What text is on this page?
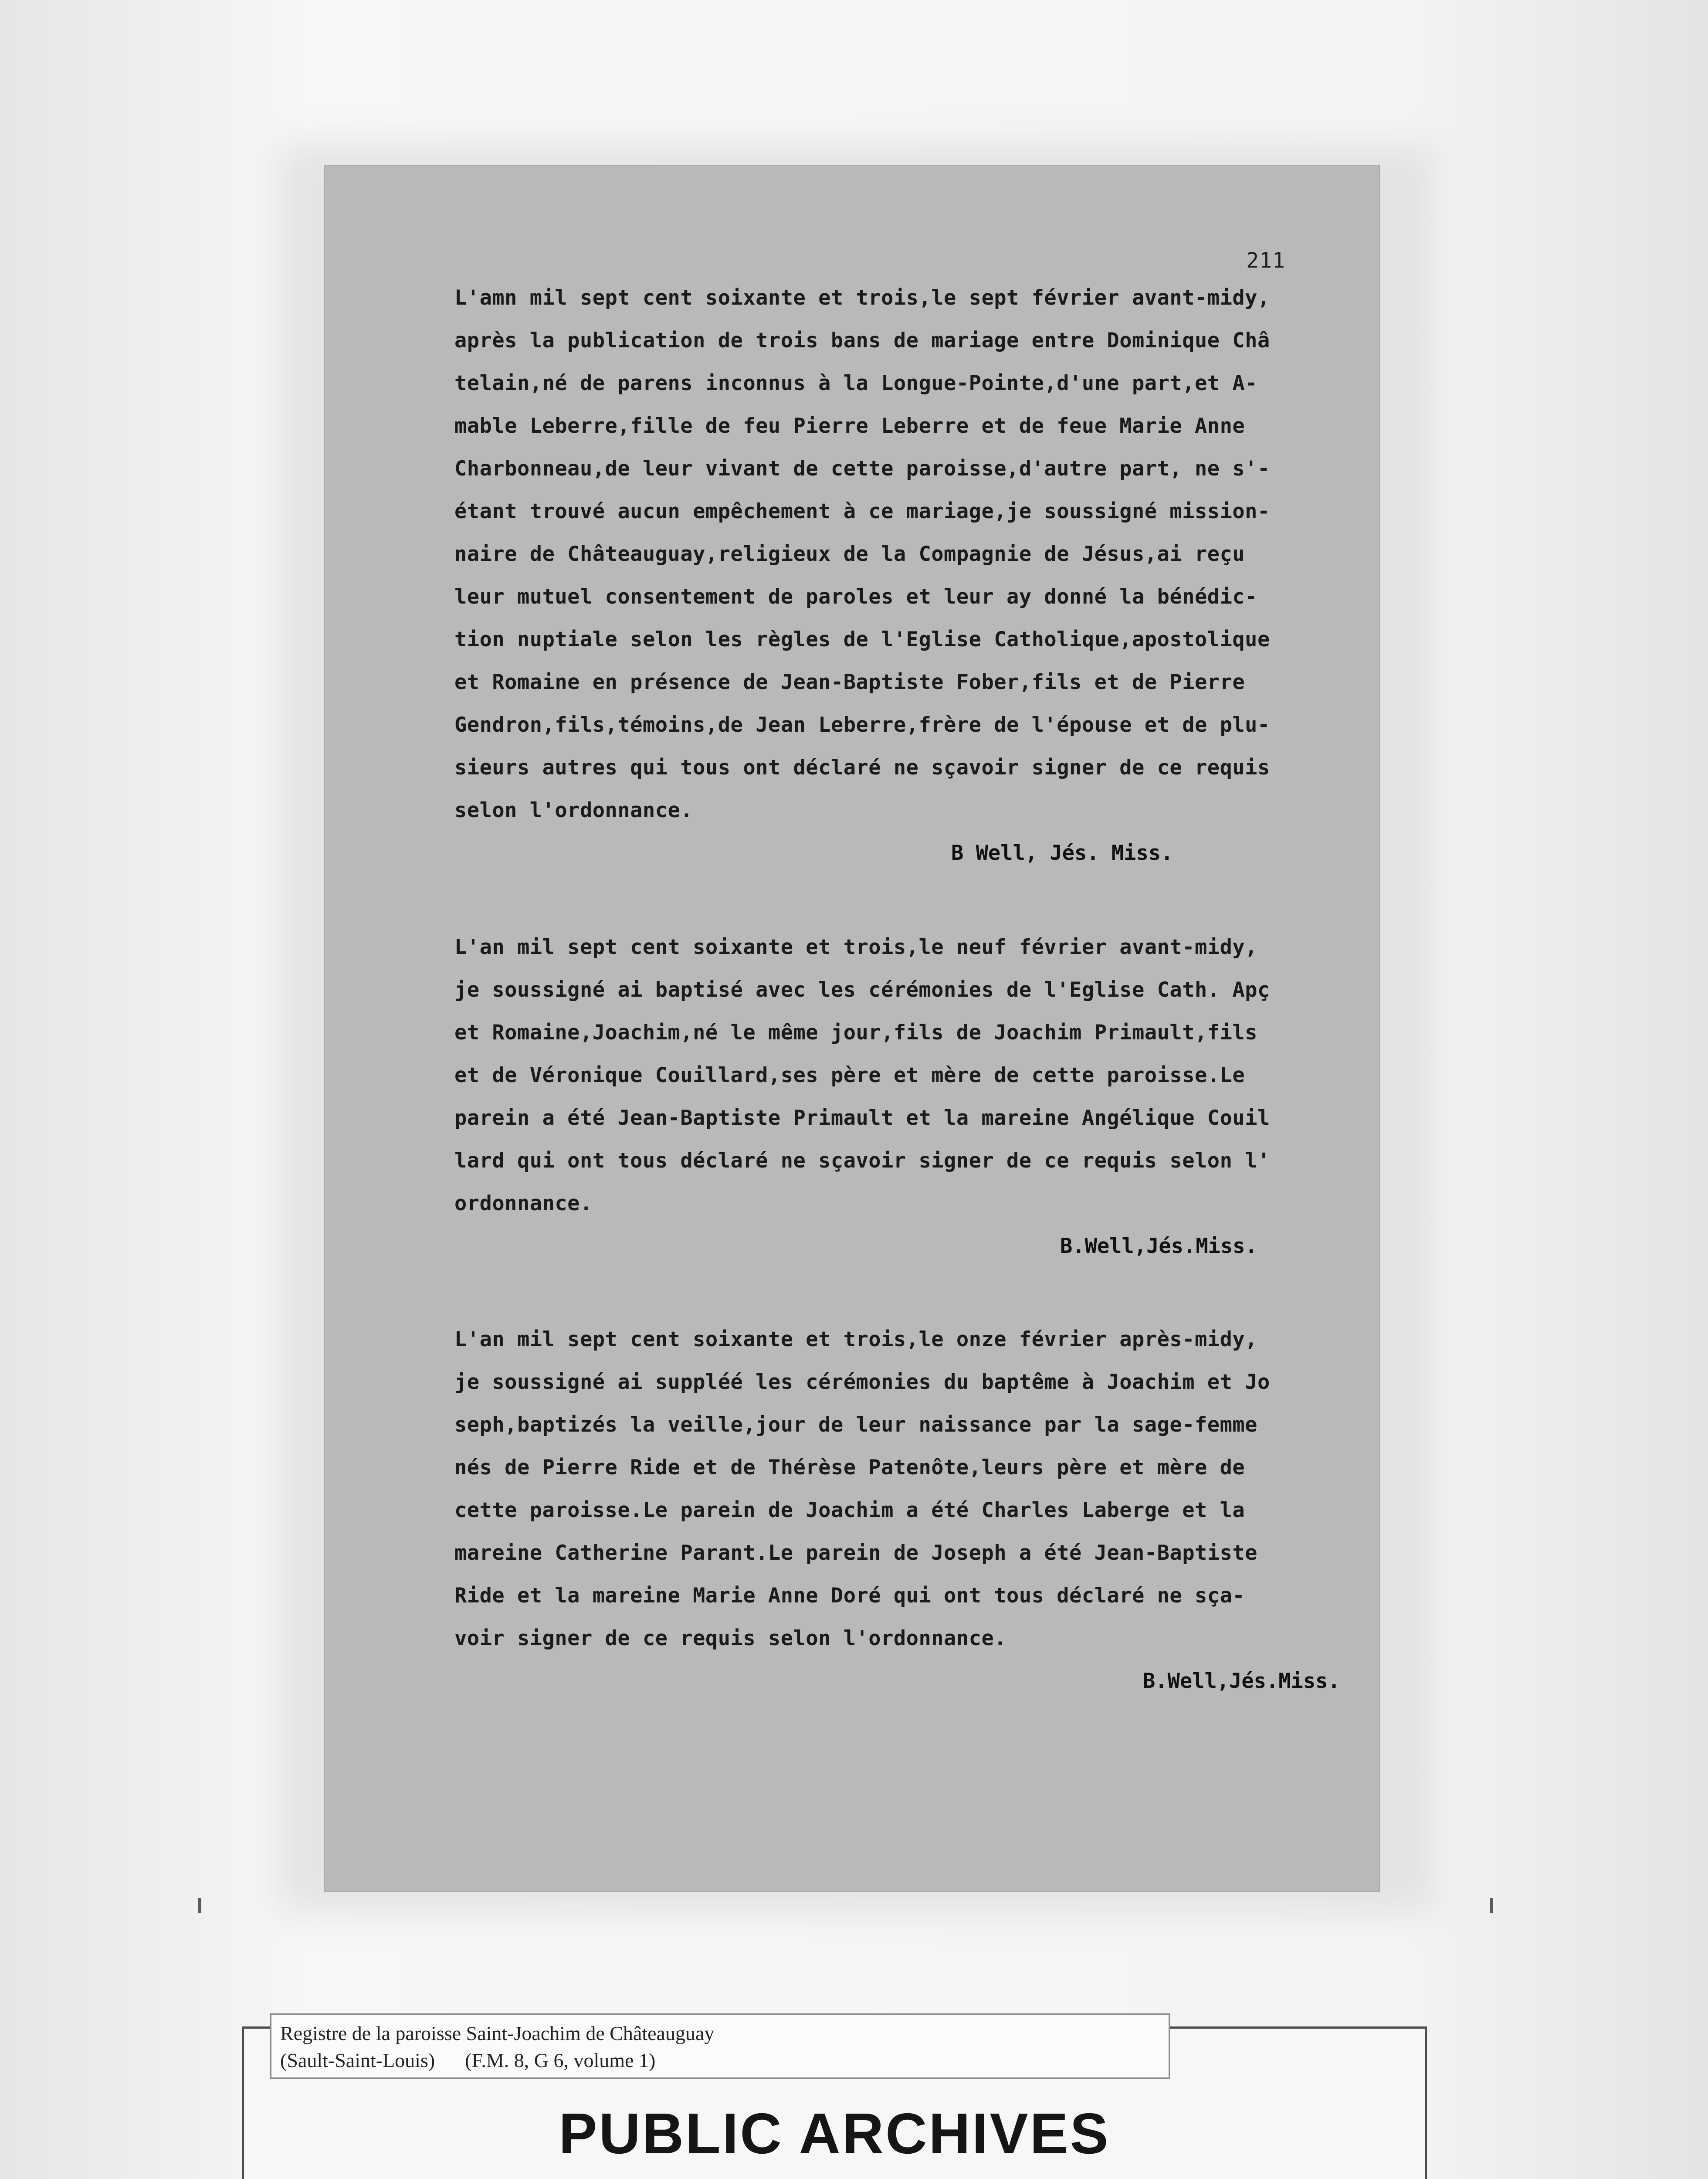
211
L'amn mil sept cent soixante et trois,le sept février avant-midy,
après la publication de trois bans de mariage entre Dominique Châ
telain,né de parens inconnus à la Longue-Pointe,d'une part,et A-
mable Leberre,fille de feu Pierre Leberre et de feue Marie Anne
Charbonneau,de leur vivant de cette paroisse,d'autre part, ne s'-
étant trouvé aucun empêchement à ce mariage,je soussigné mission-
naire de Châteauguay,religieux de la Compagnie de Jésus,ai reçu
leur mutuel consentement de paroles et leur ay donné la bénédic-
tion nuptiale selon les règles de l'Eglise Catholique,apostolique
et Romaine en présence de Jean-Baptiste Fober,fils et de Pierre
Gendron,fils,témoins,de Jean Leberre,frère de l'épouse et de plu-
sieurs autres qui tous ont déclaré ne sçavoir signer de ce requis
selon l'ordonnance.
B Well, Jés. Miss.
L'an mil sept cent soixante et trois,le neuf février avant-midy,
je soussigné ai baptisé avec les cérémonies de l'Eglise Cath. Apç
et Romaine,Joachim,né le même jour,fils de Joachim Primault,fils
et de Véronique Couillard,ses père et mère de cette paroisse.Le
parein a été Jean-Baptiste Primault et la mareine Angélique Couil
lard qui ont tous déclaré ne sçavoir signer de ce requis selon l'
ordonnance.
B.Well,Jés.Miss.
L'an mil sept cent soixante et trois,le onze février après-midy,
je soussigné ai suppléé les cérémonies du baptême à Joachim et Jo
seph,baptizés la veille,jour de leur naissance par la sage-femme
nés de Pierre Ride et de Thérèse Patenôte,leurs père et mère de
cette paroisse.Le parein de Joachim a été Charles Laberge et la
mareine Catherine Parant.Le parein de Joseph a été Jean-Baptiste
Ride et la mareine Marie Anne Doré qui ont tous déclaré ne sça-
voir signer de ce requis selon l'ordonnance.
B.Well,Jés.Miss.
Registre de la paroisse Saint-Joachim de Châteauguay
(Sault-Saint-Louis)      (F.M. 8, G 6, volume 1)
PUBLIC ARCHIVES
